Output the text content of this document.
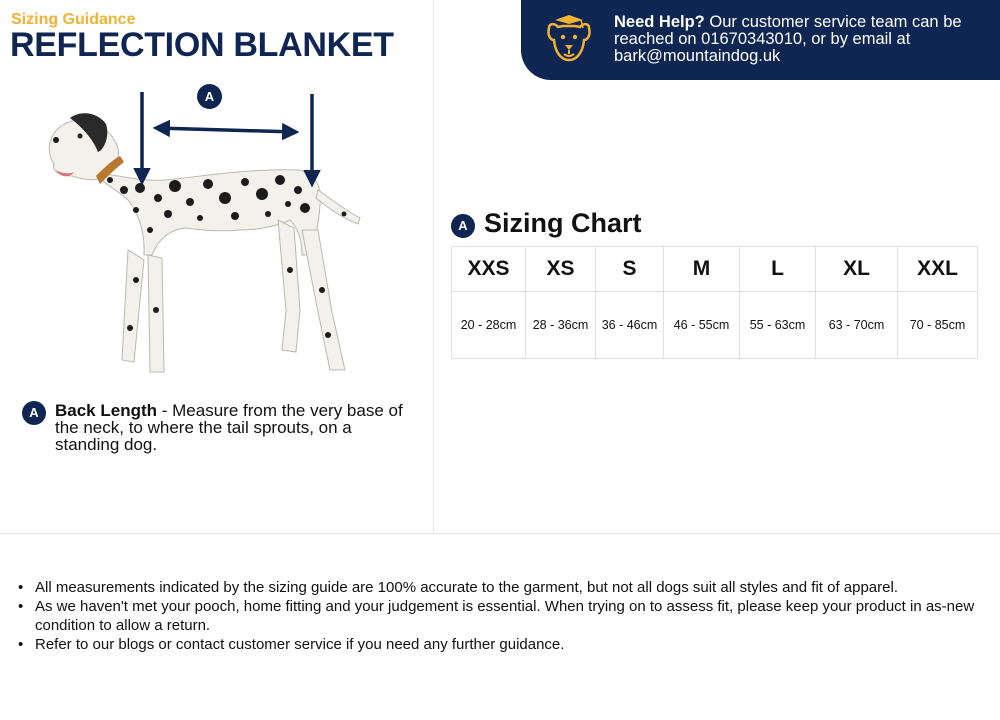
Sizing Guidance
REFLECTION BLANKET
Need Help? Our customer service team can be reached on 01670343010, or by email at bark@mountaindog.uk
A
A Back Length - Measure from the very base of the neck, to where the tail sprouts, on a standing dog.
A Sizing Chart
XXS	XS	S	M	L	XL	XXL
20 - 28cm	28 - 36cm	36 - 46cm	46 - 55cm	55 - 63cm	63 - 70cm	70 - 85cm
• All measurements indicated by the sizing guide are 100% accurate to the garment, but not all dogs suit all styles and fit of apparel.
• As we haven't met your pooch, home fitting and your judgement is essential. When trying on to assess fit, please keep your product in as-new condition to allow a return.
• Refer to our blogs or contact customer service if you need any further guidance.
